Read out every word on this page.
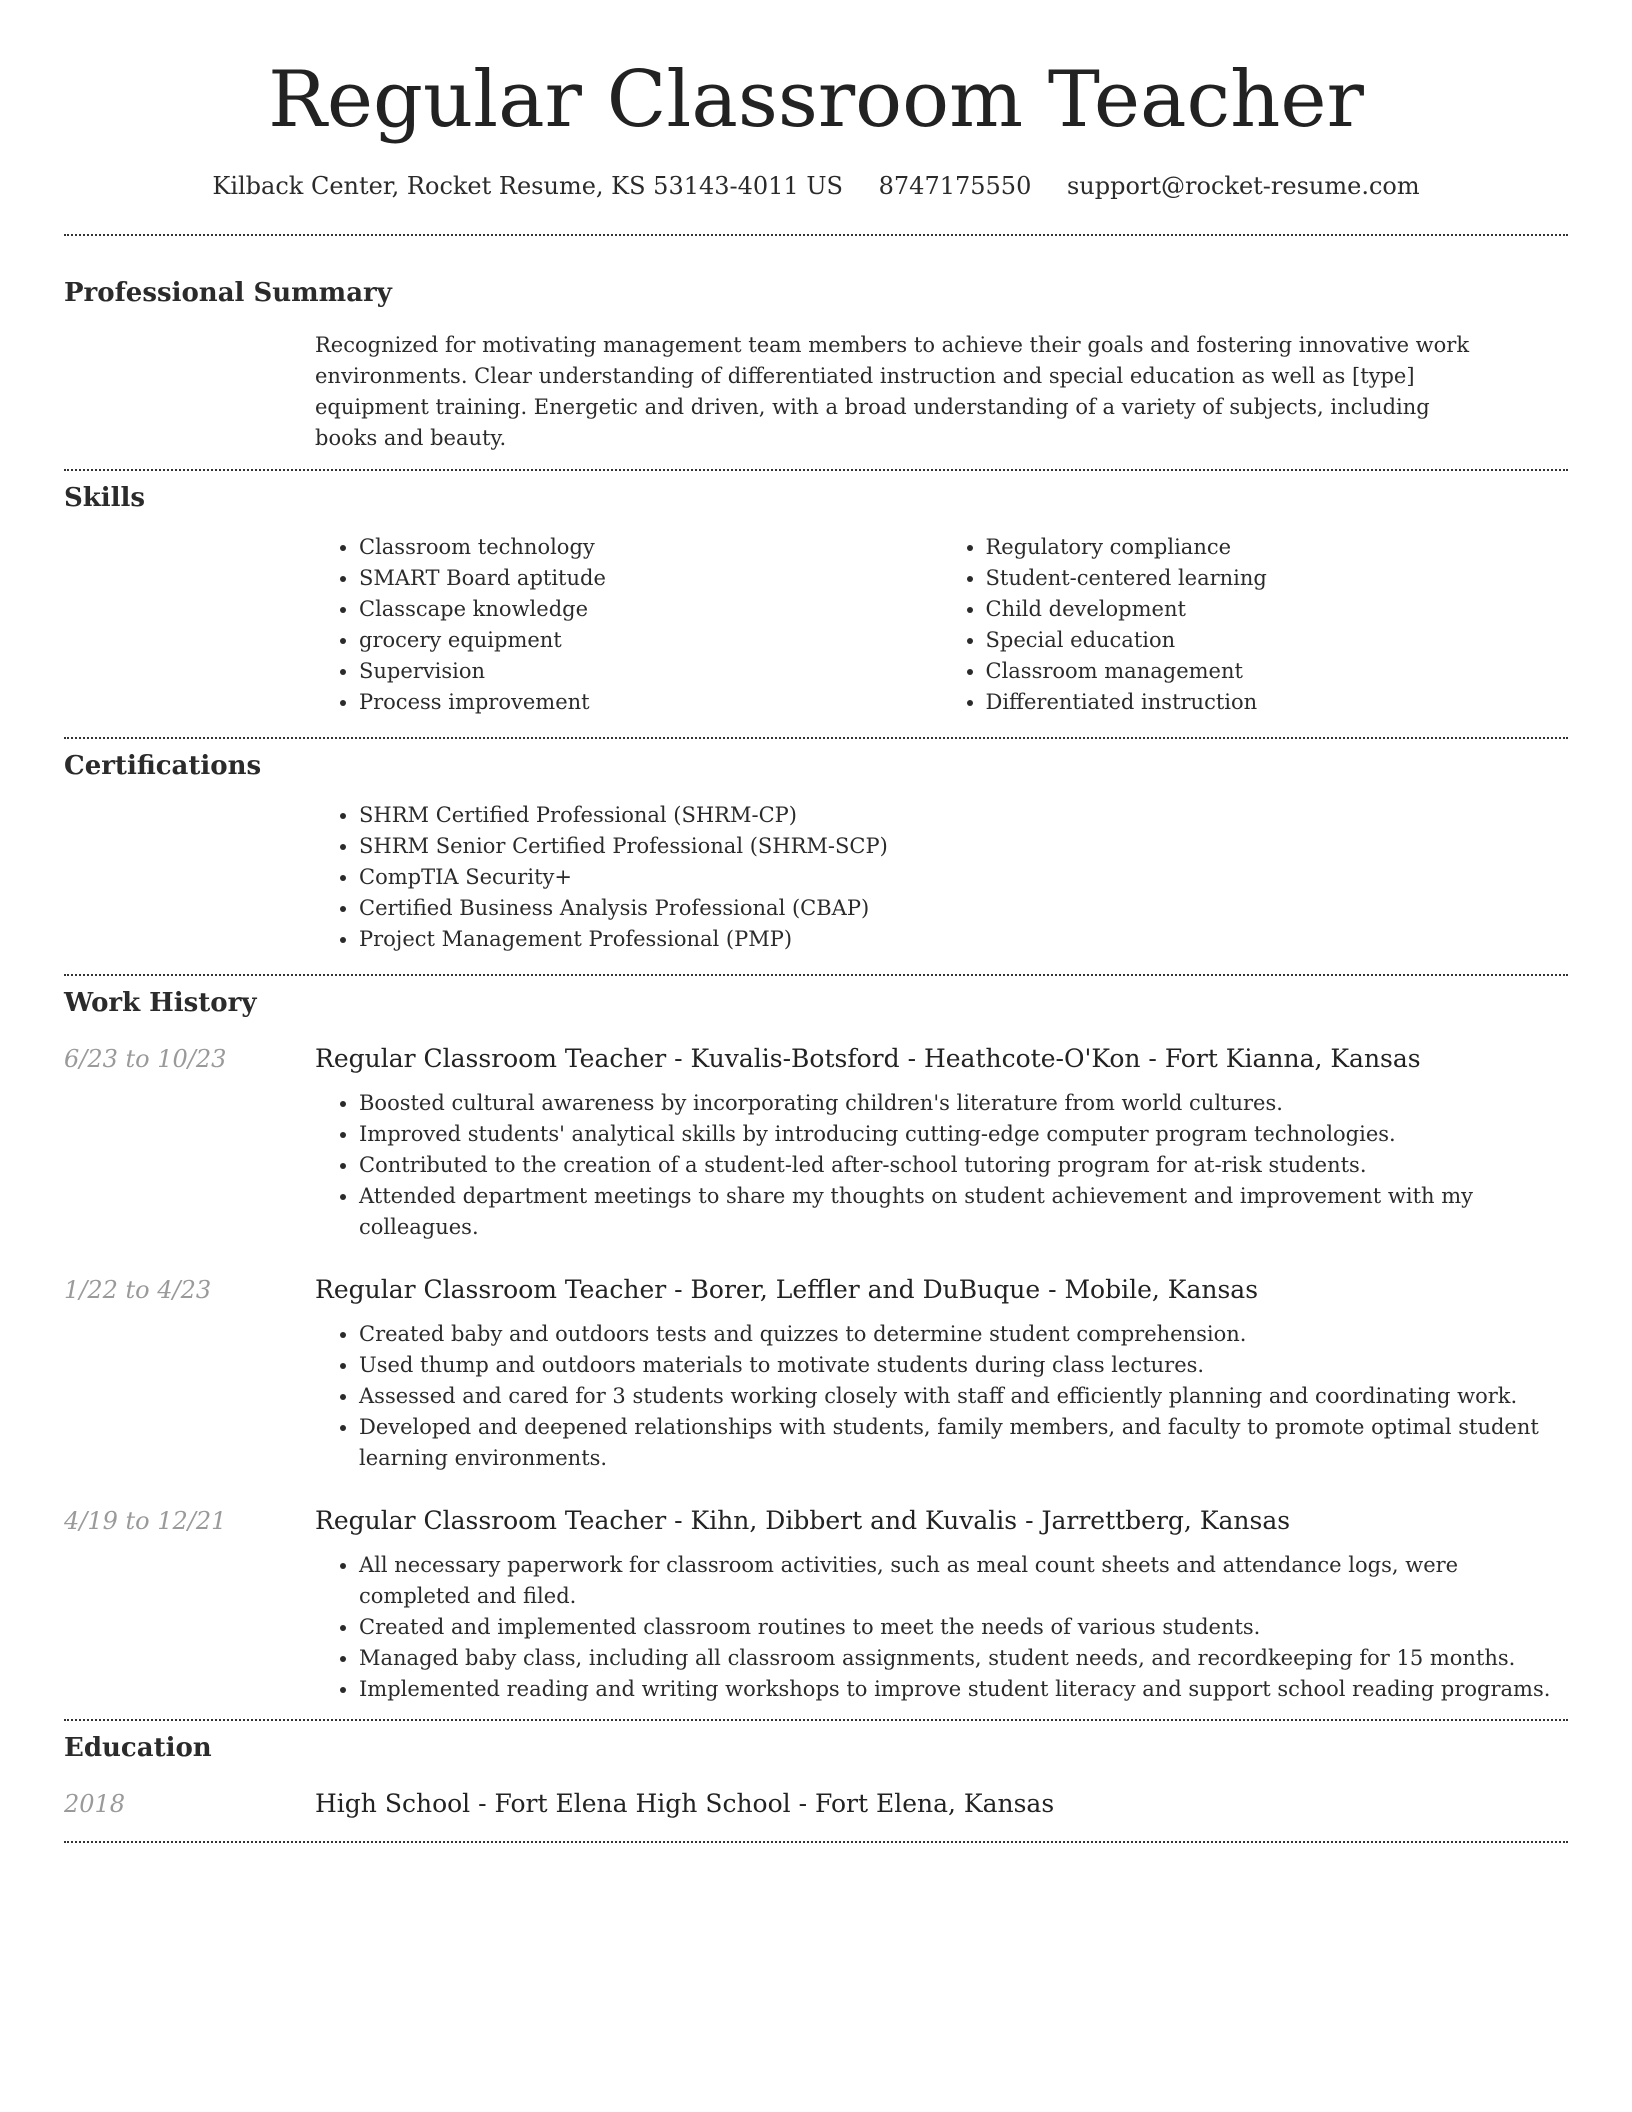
Regular Classroom Teacher
Kilback Center, Rocket Resume, KS 53143-4011 US 8747175550 support@rocket-resume.com
Professional Summary
Recognized for motivating management team members to achieve their goals and fostering innovative work environments. Clear understanding of differentiated instruction and special education as well as [type] equipment training. Energetic and driven, with a broad understanding of a variety of subjects, including books and beauty.
Skills
• Classroom technology
• SMART Board aptitude
• Classcape knowledge
• grocery equipment
• Supervision
• Process improvement
• Regulatory compliance
• Student-centered learning
• Child development
• Special education
• Classroom management
• Differentiated instruction
Certifications
• SHRM Certified Professional (SHRM-CP)
• SHRM Senior Certified Professional (SHRM-SCP)
• CompTIA Security+
• Certified Business Analysis Professional (CBAP)
• Project Management Professional (PMP)
Work History
6/23 to 10/23	Regular Classroom Teacher - Kuvalis-Botsford - Heathcote-O'Kon - Fort Kianna, Kansas
• Boosted cultural awareness by incorporating children's literature from world cultures.
• Improved students' analytical skills by introducing cutting-edge computer program technologies.
• Contributed to the creation of a student-led after-school tutoring program for at-risk students.
• Attended department meetings to share my thoughts on student achievement and improvement with my colleagues.
1/22 to 4/23	Regular Classroom Teacher - Borer, Leffler and DuBuque - Mobile, Kansas
• Created baby and outdoors tests and quizzes to determine student comprehension.
• Used thump and outdoors materials to motivate students during class lectures.
• Assessed and cared for 3 students working closely with staff and efficiently planning and coordinating work.
• Developed and deepened relationships with students, family members, and faculty to promote optimal student learning environments.
4/19 to 12/21	Regular Classroom Teacher - Kihn, Dibbert and Kuvalis - Jarrettberg, Kansas
• All necessary paperwork for classroom activities, such as meal count sheets and attendance logs, were completed and filed.
• Created and implemented classroom routines to meet the needs of various students.
• Managed baby class, including all classroom assignments, student needs, and recordkeeping for 15 months.
• Implemented reading and writing workshops to improve student literacy and support school reading programs.
Education
2018	High School - Fort Elena High School - Fort Elena, Kansas
